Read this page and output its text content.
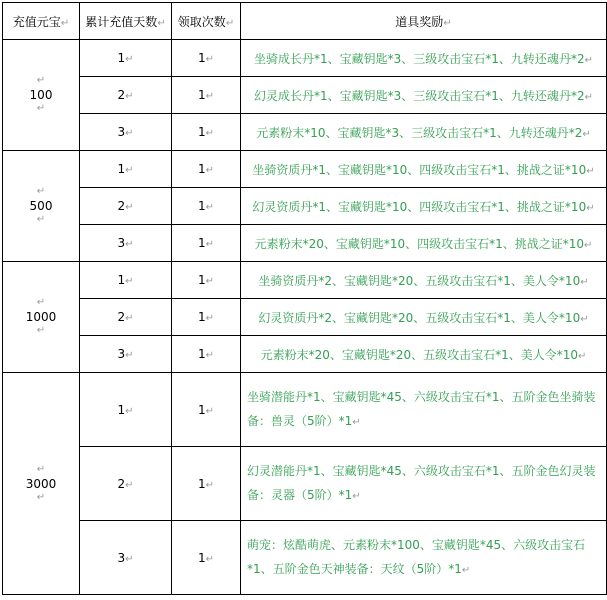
充值元宝↵	累计充值天数↵	领取次数↵	道具奖励↵

↵
100
↵	1↵	1↵	坐骑成长丹*1、宝藏钥匙*3、三级攻击宝石*1、九转还魂丹*2↵
	2↵	1↵	幻灵成长丹*1、宝藏钥匙*3、三级攻击宝石*1、九转还魂丹*2↵
	3↵	1↵	元素粉末*10、宝藏钥匙*3、三级攻击宝石*1、九转还魂丹*2↵

↵
500
↵	1↵	1↵	坐骑资质丹*1、宝藏钥匙*10、四级攻击宝石*1、挑战之证*10↵
	2↵	1↵	幻灵资质丹*1、宝藏钥匙*10、四级攻击宝石*1、挑战之证*10↵
	3↵	1↵	元素粉末*20、宝藏钥匙*10、四级攻击宝石*1、挑战之证*10↵

↵
1000
↵	1↵	1↵	坐骑资质丹*2、宝藏钥匙*20、五级攻击宝石*1、美人令*10↵
	2↵	1↵	幻灵资质丹*2、宝藏钥匙*20、五级攻击宝石*1、美人令*10↵
	3↵	1↵	元素粉末*20、宝藏钥匙*20、五级攻击宝石*1、美人令*10↵

↵
3000
↵	1↵	1↵	坐骑潜能丹*1、宝藏钥匙*45、六级攻击宝石*1、五阶金色坐骑装备：兽灵（5阶）*1↵
	2↵	1↵	幻灵潜能丹*1、宝藏钥匙*45、六级攻击宝石*1、五阶金色幻灵装备：灵器（5阶）*1↵
	3↵	1↵	萌宠：炫酷萌虎、元素粉末*100、宝藏钥匙*45、六级攻击宝石*1、五阶金色天神装备：天纹（5阶）*1↵
